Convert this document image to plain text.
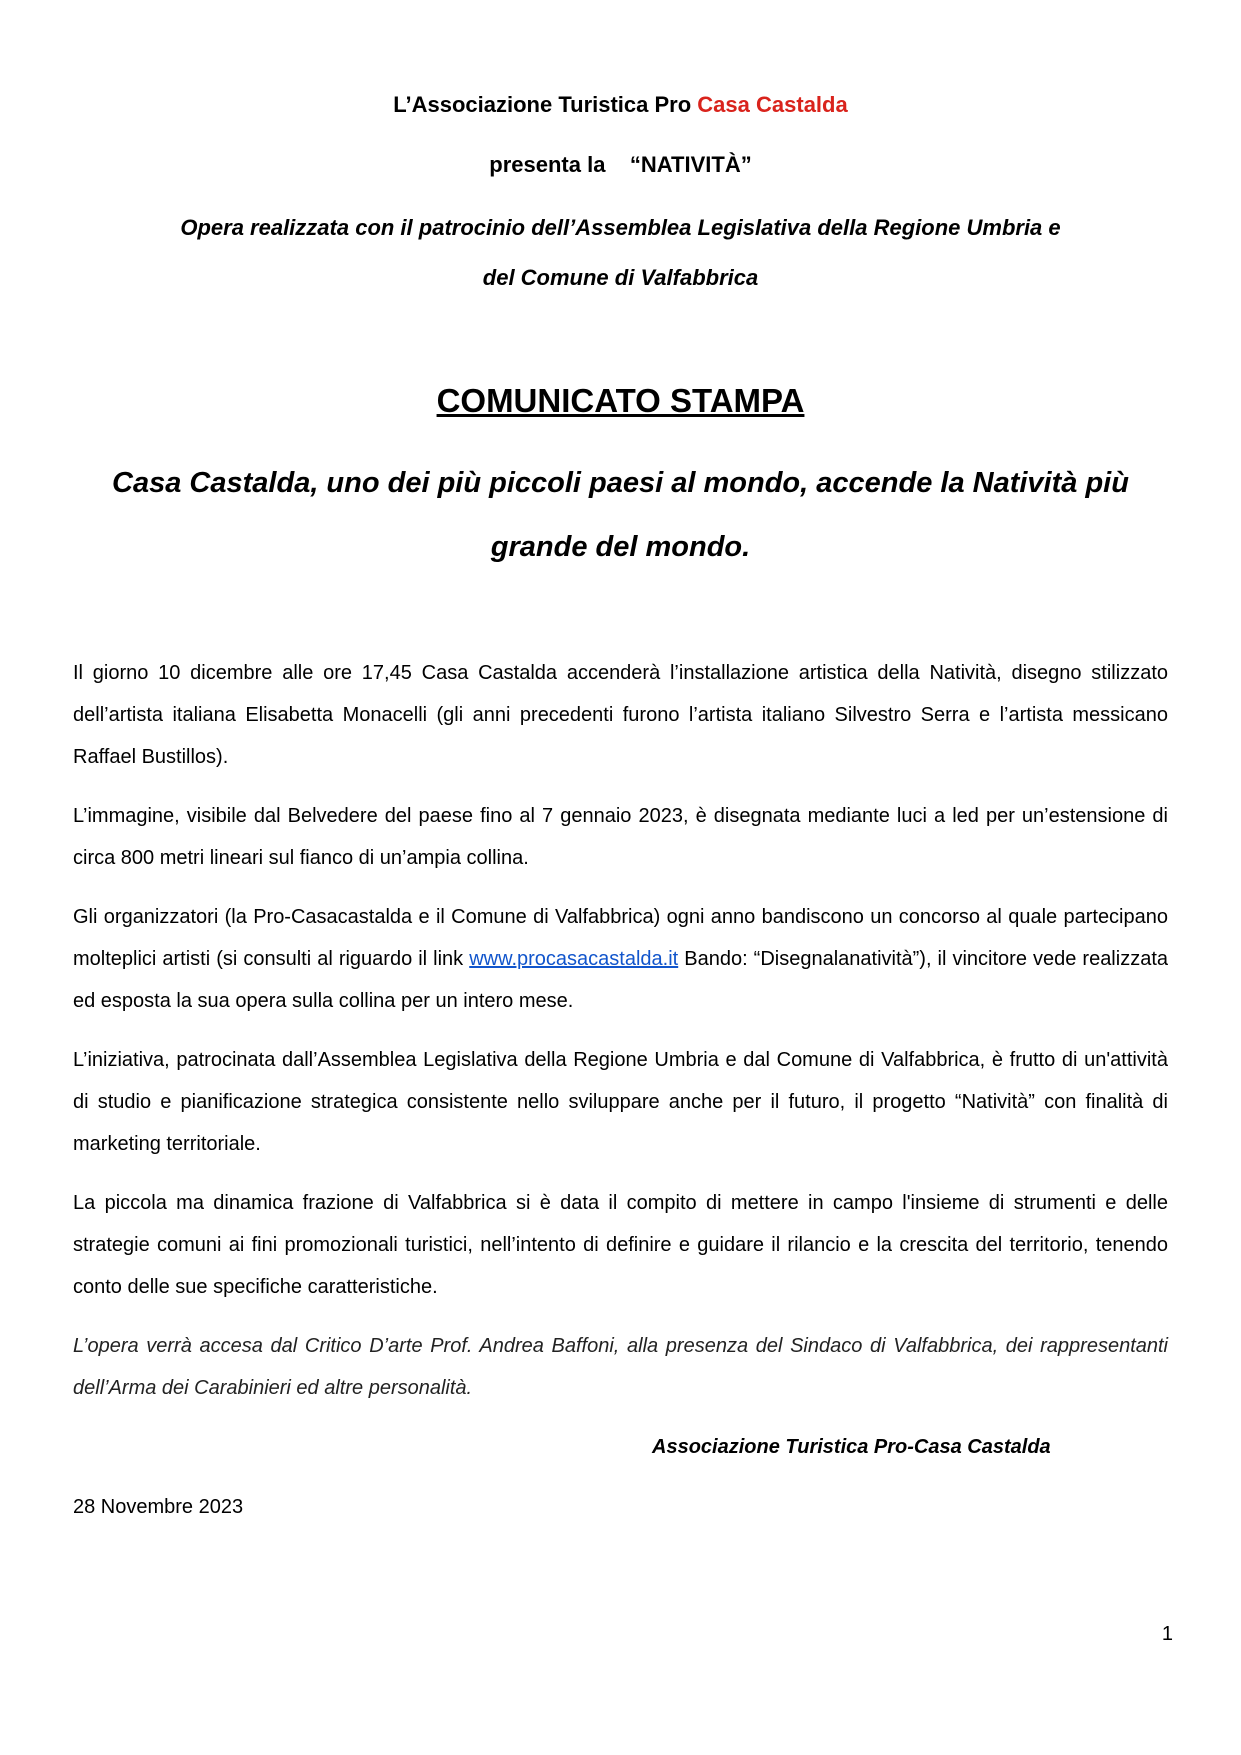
L’Associazione Turistica Pro Casa Castalda
presenta la “NATIVITÀ”
Opera realizzata con il patrocinio dell’Assemblea Legislativa della Regione Umbria e
del Comune di Valfabbrica
COMUNICATO STAMPA
Casa Castalda, uno dei più piccoli paesi al mondo, accende la Natività più
grande del mondo.

Il giorno 10 dicembre alle ore 17,45 Casa Castalda accenderà l’installazione artistica della Natività, disegno stilizzato dell’artista italiana Elisabetta Monacelli (gli anni precedenti furono l’artista italiano Silvestro Serra e l’artista messicano Raffael Bustillos).

L’immagine, visibile dal Belvedere del paese fino al 7 gennaio 2023, è disegnata mediante luci a led per un’estensione di circa 800 metri lineari sul fianco di un’ampia collina.

Gli organizzatori (la Pro-Casacastalda e il Comune di Valfabbrica) ogni anno bandiscono un concorso al quale partecipano molteplici artisti (si consulti al riguardo il link www.procasacastalda.it Bando: “Disegnalanatività”), il vincitore vede realizzata ed esposta la sua opera sulla collina per un intero mese.

L’iniziativa, patrocinata dall’Assemblea Legislativa della Regione Umbria e dal Comune di Valfabbrica, è frutto di un'attività di studio e pianificazione strategica consistente nello sviluppare anche per il futuro, il progetto “Natività” con finalità di marketing territoriale.

La piccola ma dinamica frazione di Valfabbrica si è data il compito di mettere in campo l'insieme di strumenti e delle strategie comuni ai fini promozionali turistici, nell’intento di definire e guidare il rilancio e la crescita del territorio, tenendo conto delle sue specifiche caratteristiche.

L’opera verrà accesa dal Critico D’arte Prof. Andrea Baffoni, alla presenza del Sindaco di Valfabbrica, dei rappresentanti dell’Arma dei Carabinieri ed altre personalità.

Associazione Turistica Pro-Casa Castalda
28 Novembre 2023
1
